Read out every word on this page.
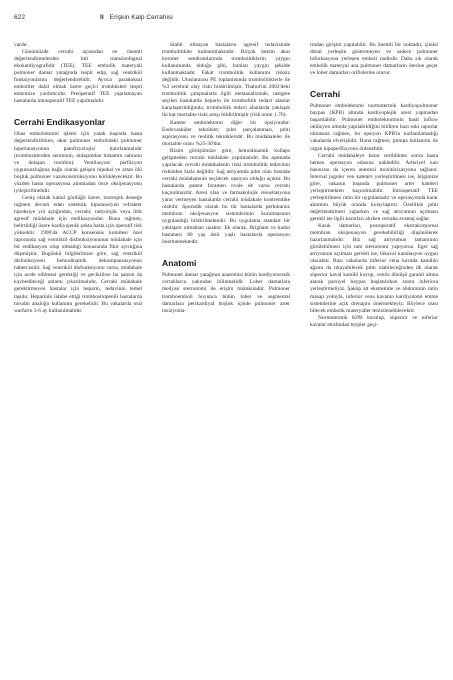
622	II Erişkin Kalp Cerrahisi

vardır.

Günümüzde cerrahi açısından en önemli değerlendirmelerden biri transözofageal ekokardiyografidir (TEE). TEE embolik materyali pulmoner damar yatağında tespit edip, sağ ventrikül fonksiyonlarını değerlendirebilir. Ayrıca paradoksal emboliler dahil olmak üzere geçici trombüsleri tespit etmemize yardımcıdır. Preoperatif TEE yapılamayan hastalarda intraoperatif TEE yapılmalıdır.

Cerrahi Endikasyonlar

Olası emboloktomi işlemi için yatak başında hasta değerlendirilirken, akut pulmoner embolideki pulmoner hipertansiyonun patofizyolojisi hatırlanmalıdır (trombositlerden serotonin, dolaşımdan histamin salınımı ve dolaşan trombin). Ventilasyon/ perfüzyon uygunsuzluğuna bağlı olarak gelişen hipoksi ve artan ölü boşluk pulmoner vazokonstrüksiyonu körükleyecektir. Bu yüzden hasta operasyona alınmadan önce oksijenasyonu iyileştirilmelidir.

Geniş olarak kabul gördüğü üzere, inotropik desteğe rağmen devam eden sistemik hipotansiyon refrakter hipoksiye yol açtığından, cerrahi; radyolojik veya litik agresif müdahale için endikasyondur. Buna rağmen, belirtildiği üzere kardiyojenik şokta hasta için operatif risk yüksektir. 1996'da ACCP konsensüs komitesi özel raporunda sağ ventrikül disfonksiyonunun müdahale için bir endikasyon olup olmadığı konusunda fikir ayrılığına düşmüştür. Bugünkü bilgilerimize göre, sağ ventrikül disfonksiyonu hemodinamik dekompanzasyonun habercisidir. Sağ ventrikül disfonksiyonu varsa, müdahale için acele edilmesi gerektiği ve gecikilirse bu şansın da kaybedileceği anlamı çıkarılmalıdır. Cerrahi müdahale gerektirmeyen hastalar için heparin, tedavinin temel taşıdır. Heparinin inhibe ettiği trombositopenili hastalarda hirudin analoğu kullanımı gerekebilir. Bu vakalarda oral warfarin 3-6 ay kullanılmalıdır.

Stabil olmayan hastaların agresif tedavisinde trombolitikler kullanılmaktadır. Birçok hekim akut koroner sendromlarında trombolitiklerin yaygın kullanımında olduğu gibi, bunları yaygın şekilde kullanmaktadır. Fakat trombolitik kullanımı risksiz değildir. Uluslararası PE toplantısında trombolitiklerle ile %3 serebral olay riski bildirilmiştir. Thabut'un 2002'deki trombolitik çalışmalarla ilgili metaanalizinde, rastgele seçilen hastalarda heparin ile trombolitik tedavi alanlar karşılaştırıldığında, trombolitik tedavi alanlarda yaklaşık iki kat mortalite riski artışı bildirilmiştir (risk oranı 1.76).

Kateter embolektomi diğer bir opsiyondur. Endovasküler teknikler; pıhtı parçalanması, pıhtı aspirasyonu ve reolitik teknikleridir. Bu müdahaleler ile mortalite oranı %25-30'dur.

Bizim görüşümüze göre, hemodinamik kollaps gelişmeden cerrahi müdahale yapılmalıdır. Bu aşamada yapılacak cerrahi müdahalenin riski trombolitik tedavinin riskinden fazla değildir. Sağ atriyumda pıhtı olan hastada cerrahi müdahalenin seçilecek opsiyon olduğu açıktır. Bu hastalarda patent foramen ovale de varsa cerrahi kaçınılmazdır. Arest olan ve farmakolojik resusitasyona yanıt vermeyen hastalarda cerrahi müdahale kontrendike olabilir. Sporadik olarak bu tür hastalarda perkütanöz membran oksijenasyon sistemlerinin kurulmasının uygulandığı bildirilmektedir. Bu uygulama standart bir yaklaşım olmaktan uzaktır. Ek olarak, Brigham ve kadın hastanesi 80 yaş üstü yaşlı hastalarda operasyon önermemektedir.

Anatomi

Pulmoner damar yatağının anatomisi bütün kardiyotorasik cerrahlarca yakından bilinmelidir. Lober damarlara medyan sternotomi ile erişim mümkündür. Pulmoner tromboemboli boyunca bütün lober ve segmental damarlara perikardiyal boşluk içinde pulmoner arter insizyonla-

rından girişim yapılabilir. Bu önemli bir noktadır, çünkü distal yerleşim göstermeyen ve sadece pulmoner bifurkasyona yerleşen emboli nadirdir. Daha sık olarak embolik materyal ana pulmoner damarların ötesine geçer ve lober damarları orifislerine oturur.

Cerrahi

Pulmoner embolektomi normotermik kardiyopulmoner baypas (KPB) altında kardiyoplejik arest yapmadan başarılabilir. Pulmoner embolektominin basit inflow oklüzyon altında yapılabildiğini bildiren bazı eski raporlar olmasına rağmen, bu opsiyon KPB'in kullanılamadığı vakalarda elverişlidir. Buna rağmen, pompa kullanımı ile organ hipoperfüzyonu önlenebilir.

Cerrahi müdahaleye karar verildikten sonra hasta hemen operasyon odasına nakledilir. Arteriyel kan basıncını da içeren anestezi monitörizasyonu sağlanır. İnternal juguler ven kateteri yerleştirilmesi ise, bilgimize göre, vakanın başında pulmoner arter kateteri yerleştirmekten kaçınılmalıdır. İntraoperatif TEE yerleştirilmesi rutin bir uygulamadır ve operasyonda karar alınmını büyük oranda kolaylaştırır. Özellikle pıhtı değerlendirmesi yaparken ve sağ atriyumun açılması gerekli ise ilgili kararları alırken cerraha avantaj sağlar.

Kasık damarları, postoperatif ekstrakorporeal membran oksijenasyon gerekebilirliği düşünülerek hazırlanmalıdır. Biz sağ atriyumun tamamının görülebilmesi için tam sternotomi yapıyoruz. Eger sağ atriyumun açılması gerekli ise, bikaval kanülasyon uygun olacaktır. Bazı vakalarda inferior vena kavada kanülün ağzını da tıkayabilecek pıhtı olabileceğinden ilk olarak süperior kaval kanülü koyup, venöz dönüşü garanti altına alarak parsiyel baypas başlatılırken sonra inferiora yerleştirmeliyiz. Şaköp alt ekstremite ve abdominin rutin masajı yoluyla, inferior vena kavanın kardiyotomi emme sistemlerine açık drenajını önermekteyiz. Böylece olası bilecek embolik materyaller temizlenebilecektir.

Normotermik KPB kurulup, süperior ve inferior kavalar etrafından teypler geçi-
